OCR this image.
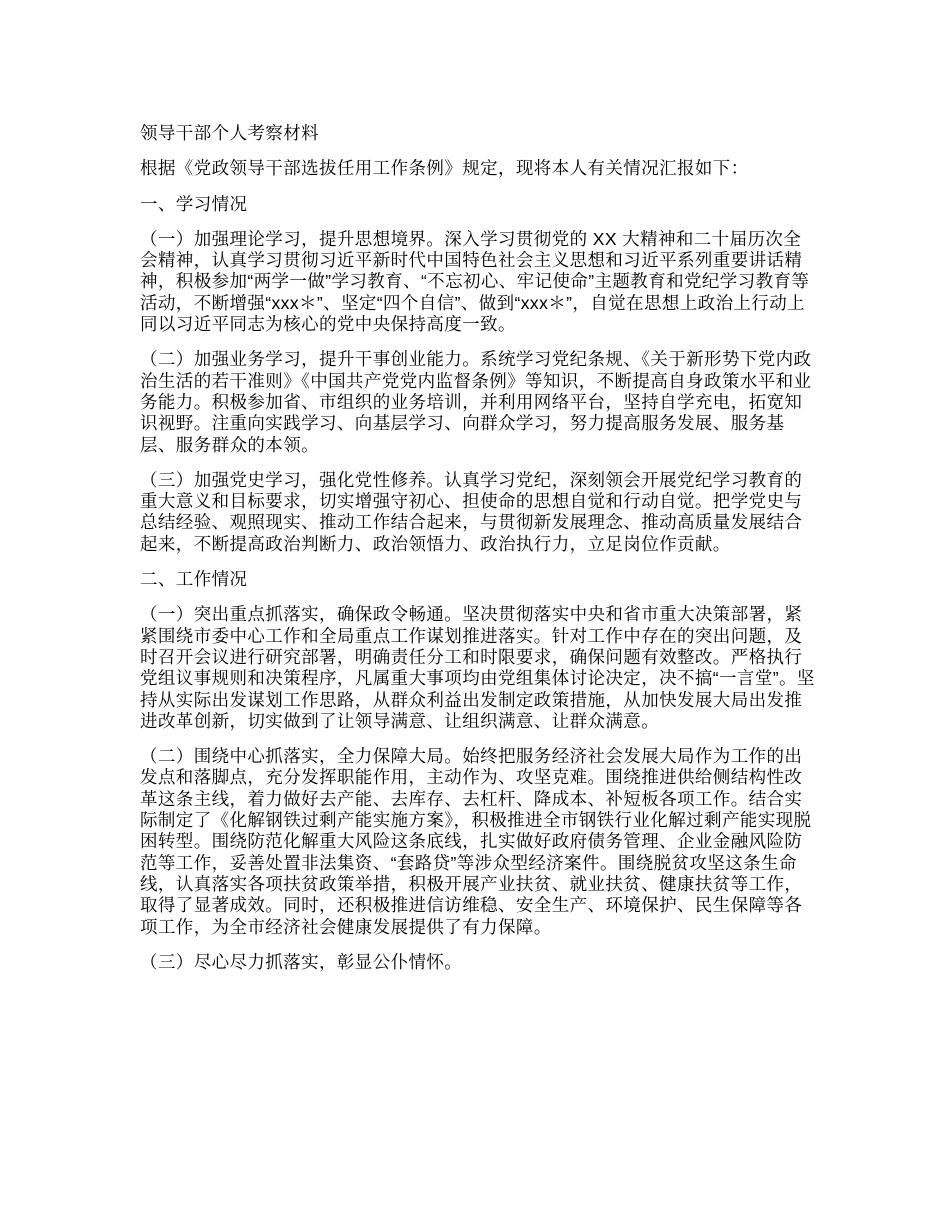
领导干部个人考察材料

根据《党政领导干部选拔任用工作条例》规定，现将本人有关情况汇报如下：

一、学习情况

（一）加强理论学习，提升思想境界。深入学习贯彻党的 XX 大精神和二十届历次全会精神，认真学习贯彻习近平新时代中国特色社会主义思想和习近平系列重要讲话精神，积极参加“两学一做”学习教育、“不忘初心、牢记使命”主题教育和党纪学习教育等活动，不断增强“xxx＊”、坚定“四个自信”、做到“xxx＊”，自觉在思想上政治上行动上同以习近平同志为核心的党中央保持高度一致。

（二）加强业务学习，提升干事创业能力。系统学习党纪条规、《关于新形势下党内政治生活的若干准则》《中国共产党党内监督条例》等知识，不断提高自身政策水平和业务能力。积极参加省、市组织的业务培训，并利用网络平台，坚持自学充电，拓宽知识视野。注重向实践学习、向基层学习、向群众学习，努力提高服务发展、服务基层、服务群众的本领。

（三）加强党史学习，强化党性修养。认真学习党纪，深刻领会开展党纪学习教育的重大意义和目标要求，切实增强守初心、担使命的思想自觉和行动自觉。把学党史与总结经验、观照现实、推动工作结合起来，与贯彻新发展理念、推动高质量发展结合起来，不断提高政治判断力、政治领悟力、政治执行力，立足岗位作贡献。

二、工作情况

（一）突出重点抓落实，确保政令畅通。坚决贯彻落实中央和省市重大决策部署，紧紧围绕市委中心工作和全局重点工作谋划推进落实。针对工作中存在的突出问题，及时召开会议进行研究部署，明确责任分工和时限要求，确保问题有效整改。严格执行党组议事规则和决策程序，凡属重大事项均由党组集体讨论决定，决不搞“一言堂”。坚持从实际出发谋划工作思路，从群众利益出发制定政策措施，从加快发展大局出发推进改革创新，切实做到了让领导满意、让组织满意、让群众满意。

（二）围绕中心抓落实，全力保障大局。始终把服务经济社会发展大局作为工作的出发点和落脚点，充分发挥职能作用，主动作为、攻坚克难。围绕推进供给侧结构性改革这条主线，着力做好去产能、去库存、去杠杆、降成本、补短板各项工作。结合实际制定了《化解钢铁过剩产能实施方案》，积极推进全市钢铁行业化解过剩产能实现脱困转型。围绕防范化解重大风险这条底线，扎实做好政府债务管理、企业金融风险防范等工作，妥善处置非法集资、“套路贷”等涉众型经济案件。围绕脱贫攻坚这条生命线，认真落实各项扶贫政策举措，积极开展产业扶贫、就业扶贫、健康扶贫等工作，取得了显著成效。同时，还积极推进信访维稳、安全生产、环境保护、民生保障等各项工作，为全市经济社会健康发展提供了有力保障。

（三）尽心尽力抓落实，彰显公仆情怀。
